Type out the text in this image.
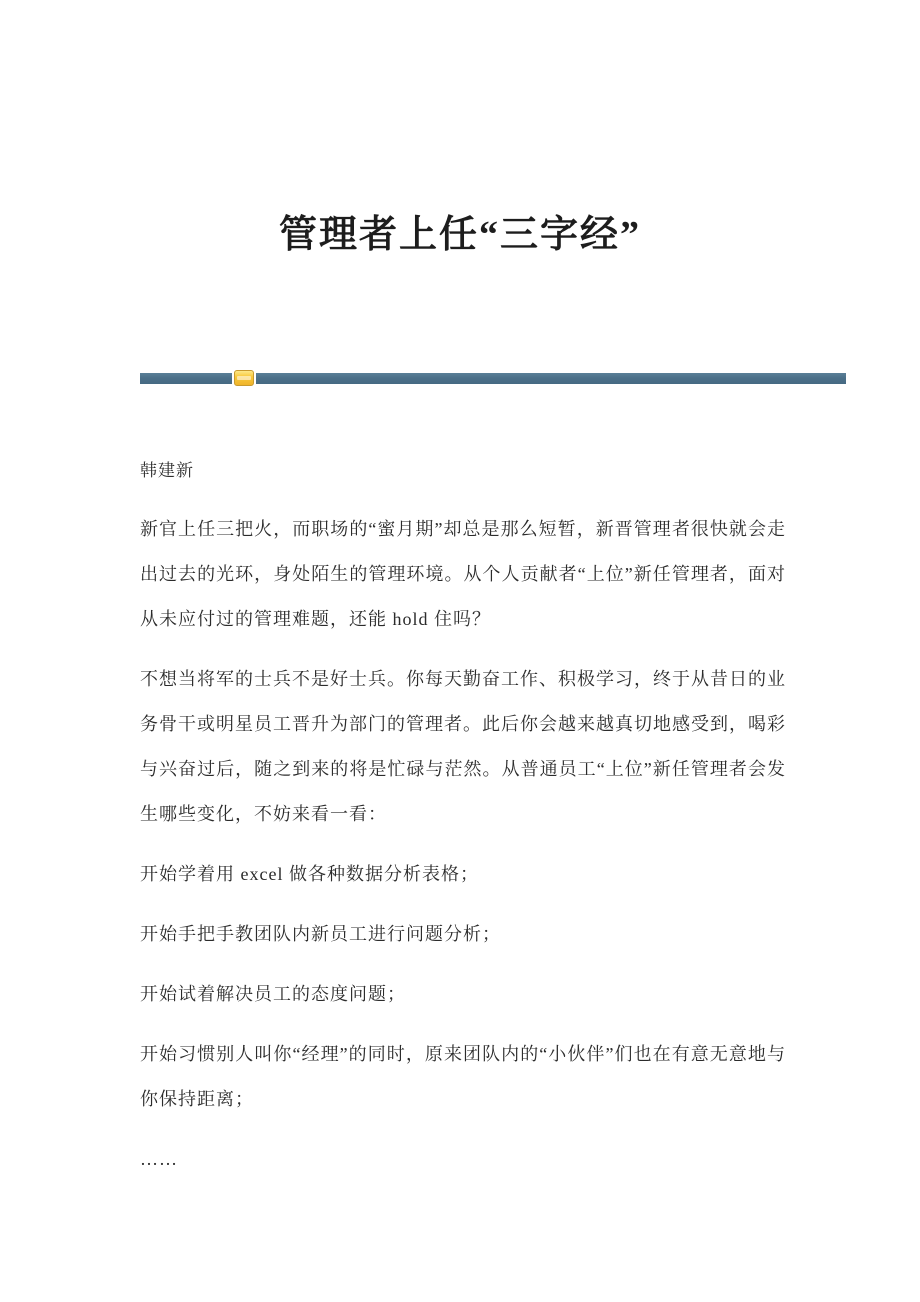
管理者上任“三字经”

韩建新

新官上任三把火，而职场的“蜜月期”却总是那么短暂，新晋管理者很快就会走出过去的光环，身处陌生的管理环境。从个人贡献者“上位”新任管理者，面对从未应付过的管理难题，还能 hold 住吗？

不想当将军的士兵不是好士兵。你每天勤奋工作、积极学习，终于从昔日的业务骨干或明星员工晋升为部门的管理者。此后你会越来越真切地感受到，喝彩与兴奋过后，随之到来的将是忙碌与茫然。从普通员工“上位”新任管理者会发生哪些变化，不妨来看一看：

开始学着用 excel 做各种数据分析表格；

开始手把手教团队内新员工进行问题分析；

开始试着解决员工的态度问题；

开始习惯别人叫你“经理”的同时，原来团队内的“小伙伴”们也在有意无意地与你保持距离；

……
